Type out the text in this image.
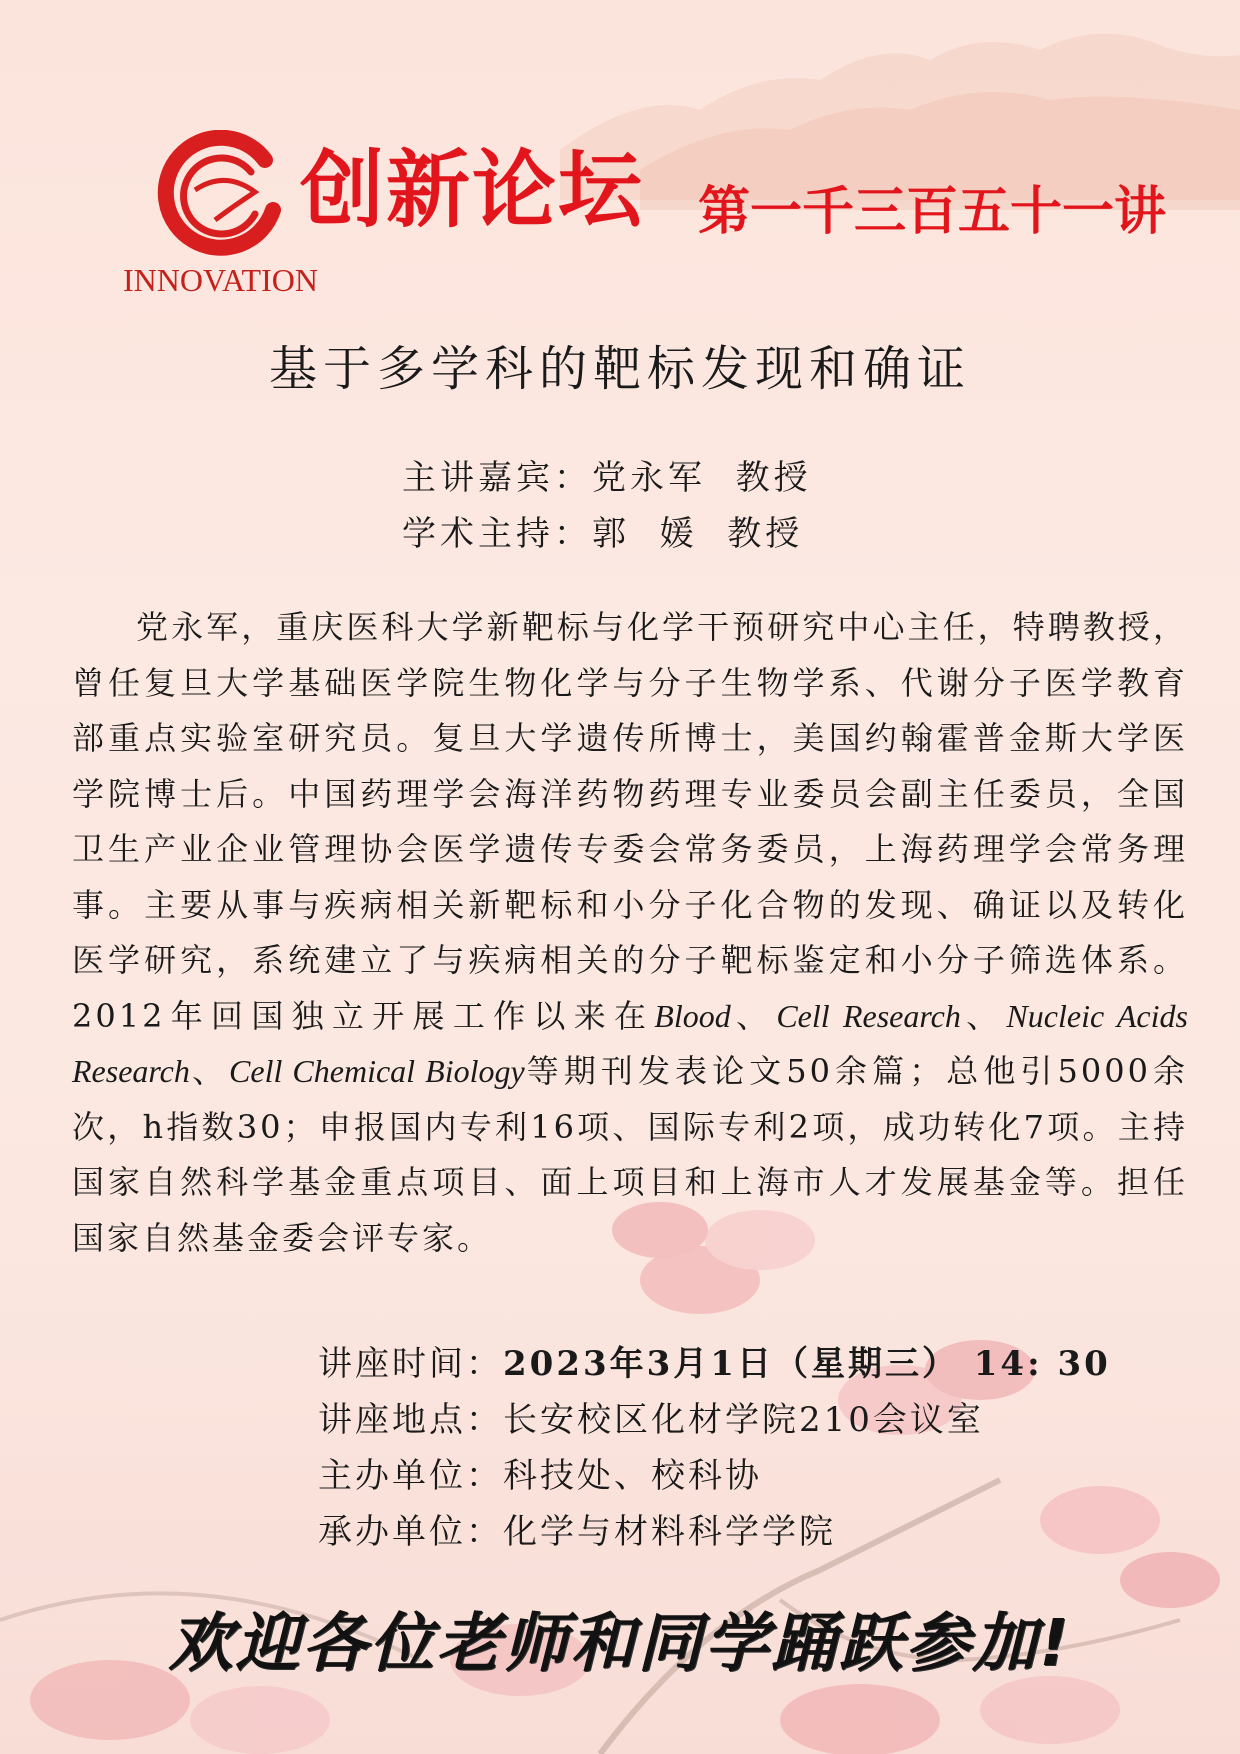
INNOVATION
创新论坛 第一千三百五十一讲
基于多学科的靶标发现和确证
主讲嘉宾：党永军  教授
学术主持：郭  媛  教授
党永军，重庆医科大学新靶标与化学干预研究中心主任，特聘教授，曾任复旦大学基础医学院生物化学与分子生物学系、代谢分子医学教育部重点实验室研究员。复旦大学遗传所博士，美国约翰霍普金斯大学医学院博士后。中国药理学会海洋药物药理专业委员会副主任委员，全国卫生产业企业管理协会医学遗传专委会常务委员，上海药理学会常务理事。主要从事与疾病相关新靶标和小分子化合物的发现、确证以及转化医学研究，系统建立了与疾病相关的分子靶标鉴定和小分子筛选体系。2012年回国独立开展工作以来在Blood、Cell Research、Nucleic Acids Research、Cell Chemical Biology等期刊发表论文50余篇；总他引5000余次，h指数30；申报国内专利16项、国际专利2项，成功转化7项。主持国家自然科学基金重点项目、面上项目和上海市人才发展基金等。担任国家自然基金委会评专家。
讲座时间：2023年3月1日（星期三） 14: 30
讲座地点：长安校区化材学院210会议室
主办单位：科技处、校科协
承办单位：化学与材料科学学院
欢迎各位老师和同学踊跃参加!
